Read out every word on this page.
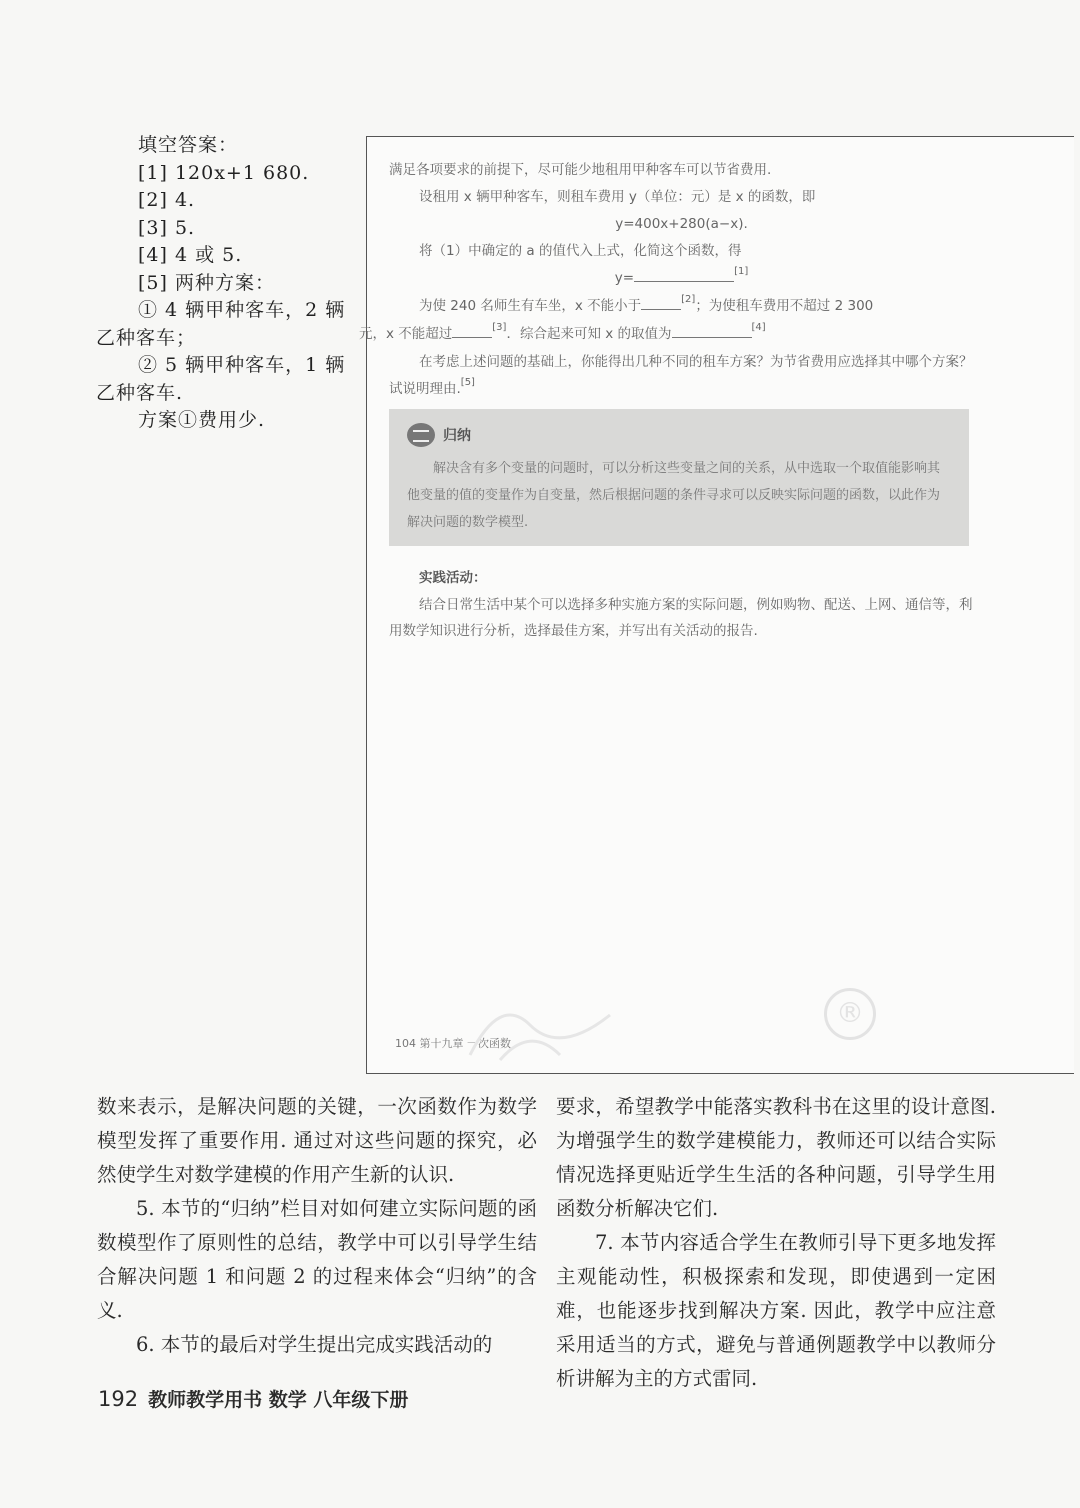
填空答案：
[1] 120x+1 680.
[2] 4.
[3] 5.
[4] 4 或 5.
[5] 两种方案：
① 4 辆甲种客车，2 辆
乙种客车；
② 5 辆甲种客车，1 辆
乙种客车.
方案①费用少.

满足各项要求的前提下，尽可能少地租用甲种客车可以节省费用.

设租用 x 辆甲种客车，则租车费用 y（单位：元）是 x 的函数，即

y=400x+280(a−x).

将（1）中确定的 a 的值代入上式，化简这个函数，得

y=	[1]

为使 240 名师生有车坐，x 不能小于	[2]；为使租车费用不超过 2 300
元，x 不能超过	[3]．综合起来可知 x 的取值为	[4]

在考虑上述问题的基础上，你能得出几种不同的租车方案？为节省费用应选择其中哪个方案？试说明理由.[5]

归纳
解决含有多个变量的问题时，可以分析这些变量之间的关系，从中选取一个取值能影响其他变量的值的变量作为自变量，然后根据问题的条件寻求可以反映实际问题的函数，以此作为解决问题的数学模型.
实践活动：
结合日常生活中某个可以选择多种实施方案的实际问题，例如购物、配送、上网、通信等，利用数学知识进行分析，选择最佳方案，并写出有关活动的报告.
104 第十九章 一次函数
®

数来表示，是解决问题的关键，一次函数作为数学模型发挥了重要作用. 通过对这些问题的探究，必然使学生对数学建模的作用产生新的认识.

5. 本节的“归纳”栏目对如何建立实际问题的函数模型作了原则性的总结，教学中可以引导学生结合解决问题 1 和问题 2 的过程来体会“归纳”的含义.

6. 本节的最后对学生提出完成实践活动的

要求，希望教学中能落实教科书在这里的设计意图. 为增强学生的数学建模能力，教师还可以结合实际情况选择更贴近学生生活的各种问题，引导学生用函数分析解决它们.

7. 本节内容适合学生在教师引导下更多地发挥主观能动性，积极探索和发现，即使遇到一定困难，也能逐步找到解决方案. 因此，教学中应注意采用适当的方式，避免与普通例题教学中以教师分析讲解为主的方式雷同.

192 教师教学用书 数学 八年级下册
